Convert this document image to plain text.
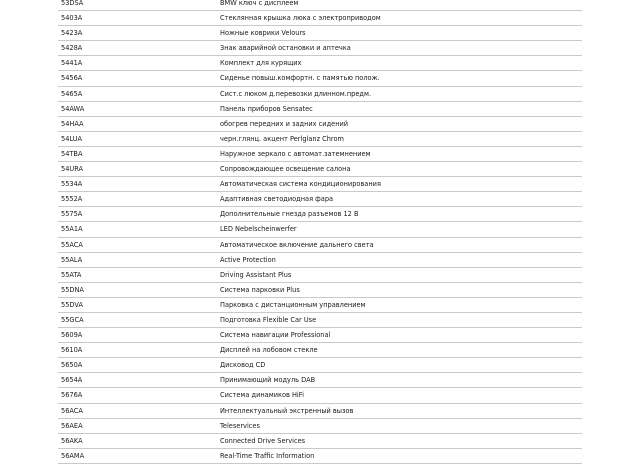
53DSA	BMW ключ с дисплеем
5403A	Стеклянная крышка люка с электроприводом
5423A	Ножные коврики Velours
5428A	Знак аварийной остановки и аптечка
5441A	Комплект для курящих
5456A	Сиденье повыш.комфортн. с памятью полож.
5465A	Сист.с люком д.перевозки длинном.предм.
54AWA	Панель приборов Sensatec
54HAA	обогрев передних и задних сидений
54LUA	черн.глянц. акцент Perlglanz Chrom
54TBA	Наружное зеркало с автомат.затемнением
54URA	Сопровождающее освещение салона
5534A	Автоматическая система кондиционирования
5552A	Адаптивная светодиодная фара
5575A	Дополнительные гнезда разъемов 12 В
55A1A	LED Nebelscheinwerfer
55ACA	Автоматическое включение дальнего света
55ALA	Active Protection
55ATA	Driving Assistant Plus
55DNA	Система парковки Plus
55DVA	Парковка с дистанционным управлением
55GCA	Подготовка Flexible Car Use
5609A	Система навигации Professional
5610A	Дисплей на лобовом стекле
5650A	Дисковод CD
5654A	Принимающий модуль DAB
5676A	Система динамиков HiFi
56ACA	Интеллектуальный экстренный вызов
56AEA	Teleservices
56AKA	Connected Drive Services
56AMA	Real-Time Traffic Information
